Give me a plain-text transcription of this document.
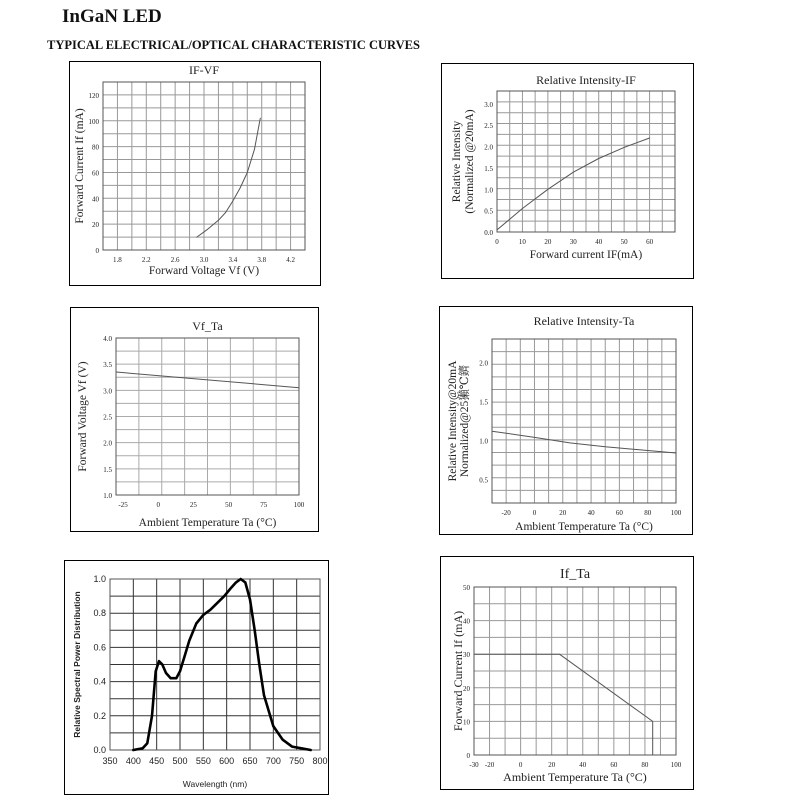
InGaN LED
TYPICAL ELECTRICAL/OPTICAL CHARACTERISTIC CURVES
1.8	2.2	2.6	3.0	3.4	3.8	4.2
0
20
40
60
80
100
120
IF-VF
Forward Voltage Vf (V)
Forward Current If (mA)
0	10	20	30	40	50	60
0.0
0.5
1.0
1.5
2.0
2.5
3.0
Relative Intensity-IF
Forward current IF(mA)
Relative Intensity (Normalized @20mA)
-25	0	25	50	75	100
1.0
1.5
2.0
2.5
3.0
3.5
4.0
Vf_Ta
Ambient Temperature Ta (°C)
Forward Voltage Vf (V)
-20	0	20	40	60	80	100
0.5
1.0
1.5
2.0
Relative Intensity-Ta
Ambient Temperature Ta (°C)
Relative Intensity@20mA Normalized@25獺℃鑇
350 400 450 500 550 600 650 700 750 800
0.0
0.2
0.4
0.6
0.8
1.0
Wavelength (nm)
Relative Spectral Power Distribution
-30 -20	0	20	40	60	80	100
0
10
20
30
40
50
If_Ta
Ambient Temperature Ta (°C)
Forward Current If (mA)
